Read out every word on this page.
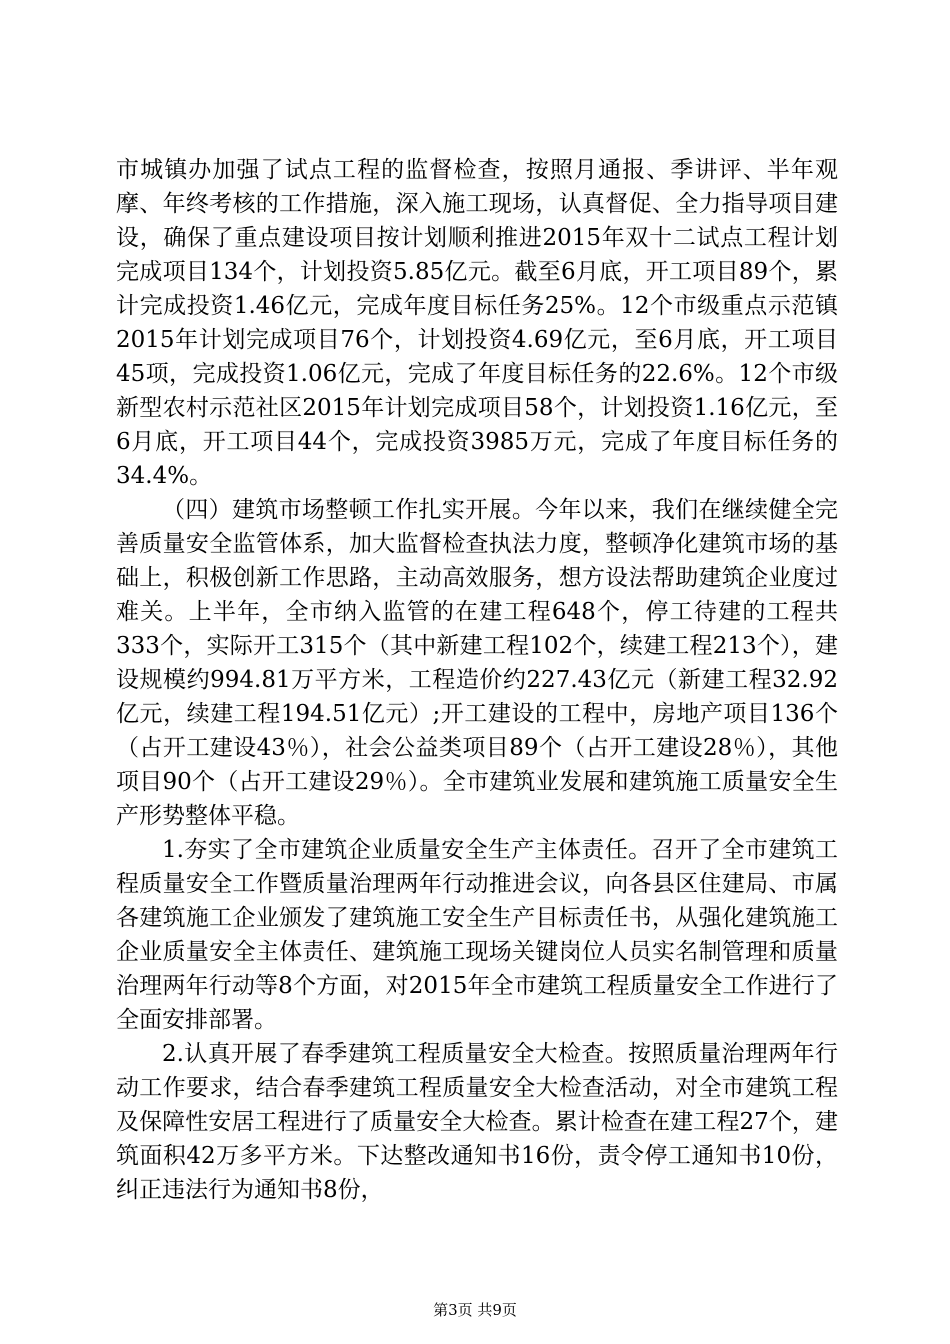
市城镇办加强了试点工程的监督检查，按照月通报、季讲评、半年观摩、年终考核的工作措施，深入施工现场，认真督促、全力指导项目建设，确保了重点建设项目按计划顺利推进2015年双十二试点工程计划完成项目134个，计划投资5.85亿元。截至6月底，开工项目89个，累计完成投资1.46亿元，完成年度目标任务25%。12个市级重点示范镇2015年计划完成项目76个，计划投资4.69亿元，至6月底，开工项目45项，完成投资1.06亿元，完成了年度目标任务的22.6%。12个市级新型农村示范社区2015年计划完成项目58个，计划投资1.16亿元，至6月底，开工项目44个，完成投资3985万元，完成了年度目标任务的34.4%。

（四）建筑市场整顿工作扎实开展。今年以来，我们在继续健全完善质量安全监管体系，加大监督检查执法力度，整顿净化建筑市场的基础上，积极创新工作思路，主动高效服务，想方设法帮助建筑企业度过难关。上半年，全市纳入监管的在建工程648个，停工待建的工程共333个，实际开工315个（其中新建工程102个，续建工程213个），建设规模约994.81万平方米，工程造价约227.43亿元（新建工程32.92亿元，续建工程194.51亿元）;开工建设的工程中，房地产项目136个（占开工建设43％），社会公益类项目89个（占开工建设28％），其他项目90个（占开工建设29％）。全市建筑业发展和建筑施工质量安全生产形势整体平稳。

1.夯实了全市建筑企业质量安全生产主体责任。召开了全市建筑工程质量安全工作暨质量治理两年行动推进会议，向各县区住建局、市属各建筑施工企业颁发了建筑施工安全生产目标责任书，从强化建筑施工企业质量安全主体责任、建筑施工现场关键岗位人员实名制管理和质量治理两年行动等8个方面，对2015年全市建筑工程质量安全工作进行了全面安排部署。

2.认真开展了春季建筑工程质量安全大检查。按照质量治理两年行动工作要求，结合春季建筑工程质量安全大检查活动，对全市建筑工程及保障性安居工程进行了质量安全大检查。累计检查在建工程27个，建筑面积42万多平方米。下达整改通知书16份，责令停工通知书10份，纠正违法行为通知书8份，

第3页 共9页
